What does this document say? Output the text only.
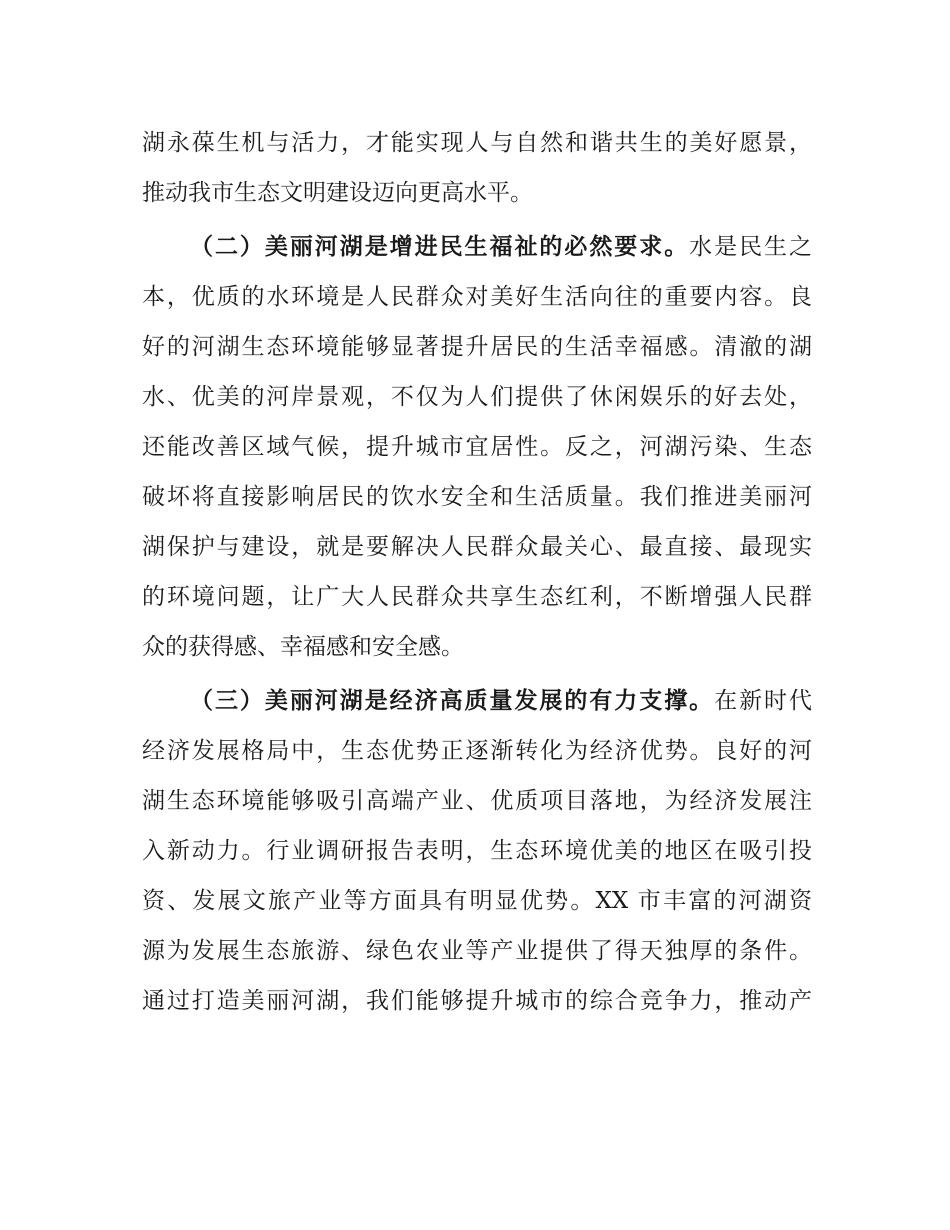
湖永葆生机与活力，才能实现人与自然和谐共生的美好愿景，
推动我市生态文明建设迈向更高水平。
（二）美丽河湖是增进民生福祉的必然要求。水是民生之
本，优质的水环境是人民群众对美好生活向往的重要内容。良
好的河湖生态环境能够显著提升居民的生活幸福感。清澈的湖
水、优美的河岸景观，不仅为人们提供了休闲娱乐的好去处，
还能改善区域气候，提升城市宜居性。反之，河湖污染、生态
破坏将直接影响居民的饮水安全和生活质量。我们推进美丽河
湖保护与建设，就是要解决人民群众最关心、最直接、最现实
的环境问题，让广大人民群众共享生态红利，不断增强人民群
众的获得感、幸福感和安全感。
（三）美丽河湖是经济高质量发展的有力支撑。在新时代
经济发展格局中，生态优势正逐渐转化为经济优势。良好的河
湖生态环境能够吸引高端产业、优质项目落地，为经济发展注
入新动力。行业调研报告表明，生态环境优美的地区在吸引投
资、发展文旅产业等方面具有明显优势。XX 市丰富的河湖资
源为发展生态旅游、绿色农业等产业提供了得天独厚的条件。
通过打造美丽河湖，我们能够提升城市的综合竞争力，推动产
